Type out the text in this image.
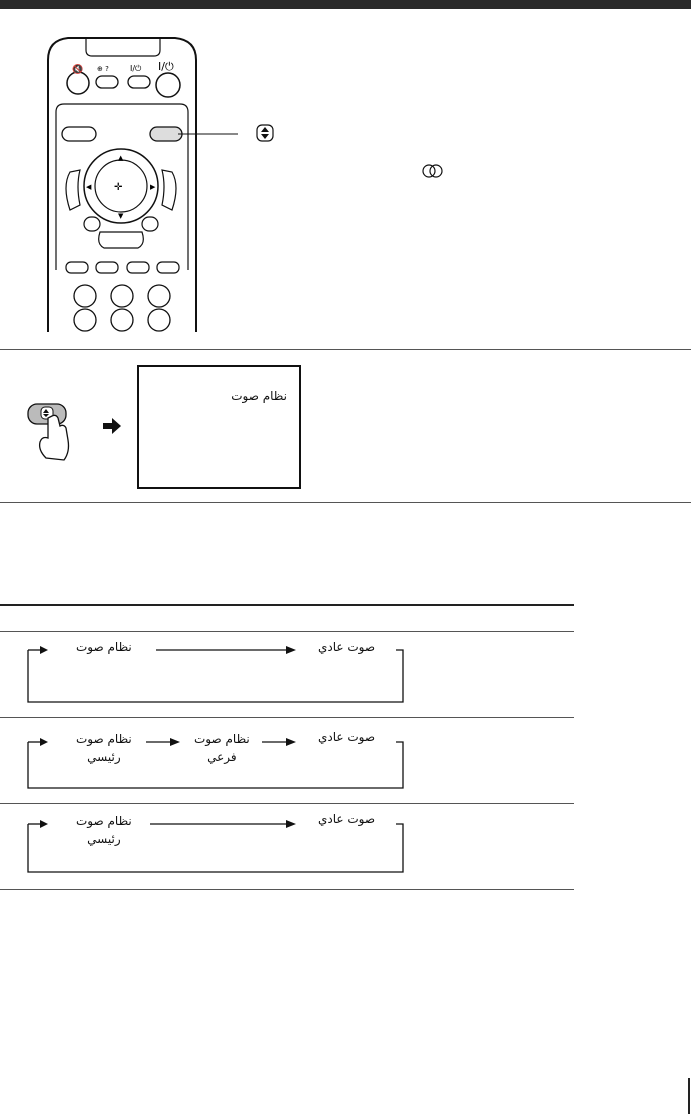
🔇 ⊕ ?	I/⏻ I/⏻
▲
▼
◀	▶
✛
نظام صوت
نظام صوت	صوت عادي
نظام صوت
رئيسي
نظام صوت
فرعي
صوت عادي
نظام صوت
رئيسي
صوت عادي
